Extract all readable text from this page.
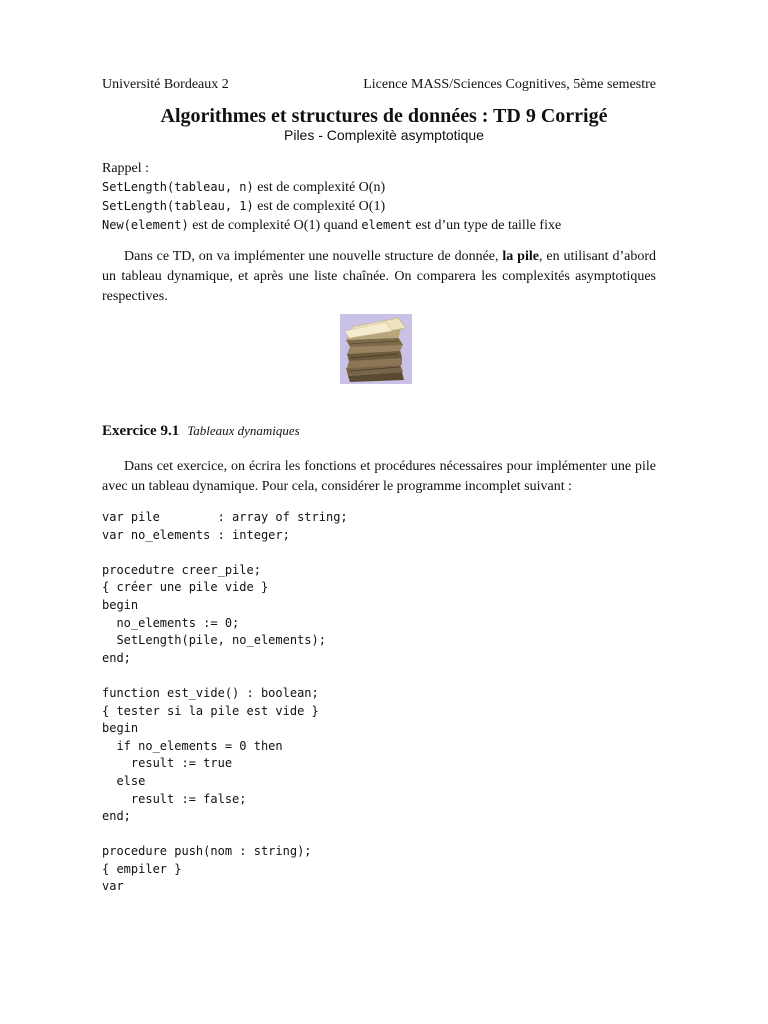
Université Bordeaux 2	Licence MASS/Sciences Cognitives, 5ème semestre
Algorithmes et structures de données : TD 9 Corrigé
Piles - Complexitè asymptotique
Rappel :
SetLength(tableau, n) est de complexité O(n)
SetLength(tableau, 1) est de complexité O(1)
New(element) est de complexité O(1) quand element est d’un type de taille fixe

Dans ce TD, on va implémenter une nouvelle structure de donnée, la pile, en utilisant d’abord un tableau dynamique, et après une liste chaînée. On comparera les complexités asymptotiques respectives.

Exercice 9.1 Tableaux dynamiques

Dans cet exercice, on écrira les fonctions et procédures nécessaires pour implémenter une pile avec un tableau dynamique. Pour cela, considérer le programme incomplet suivant :

var pile        : array of string;
var no_elements : integer;

procedutre creer_pile;
{ créer une pile vide }
begin
no_elements := 0;
SetLength(pile, no_elements);
end;

function est_vide() : boolean;
{ tester si la pile est vide }
begin
if no_elements = 0 then
result := true
else
result := false;
end;

procedure push(nom : string);
{ empiler }
var
